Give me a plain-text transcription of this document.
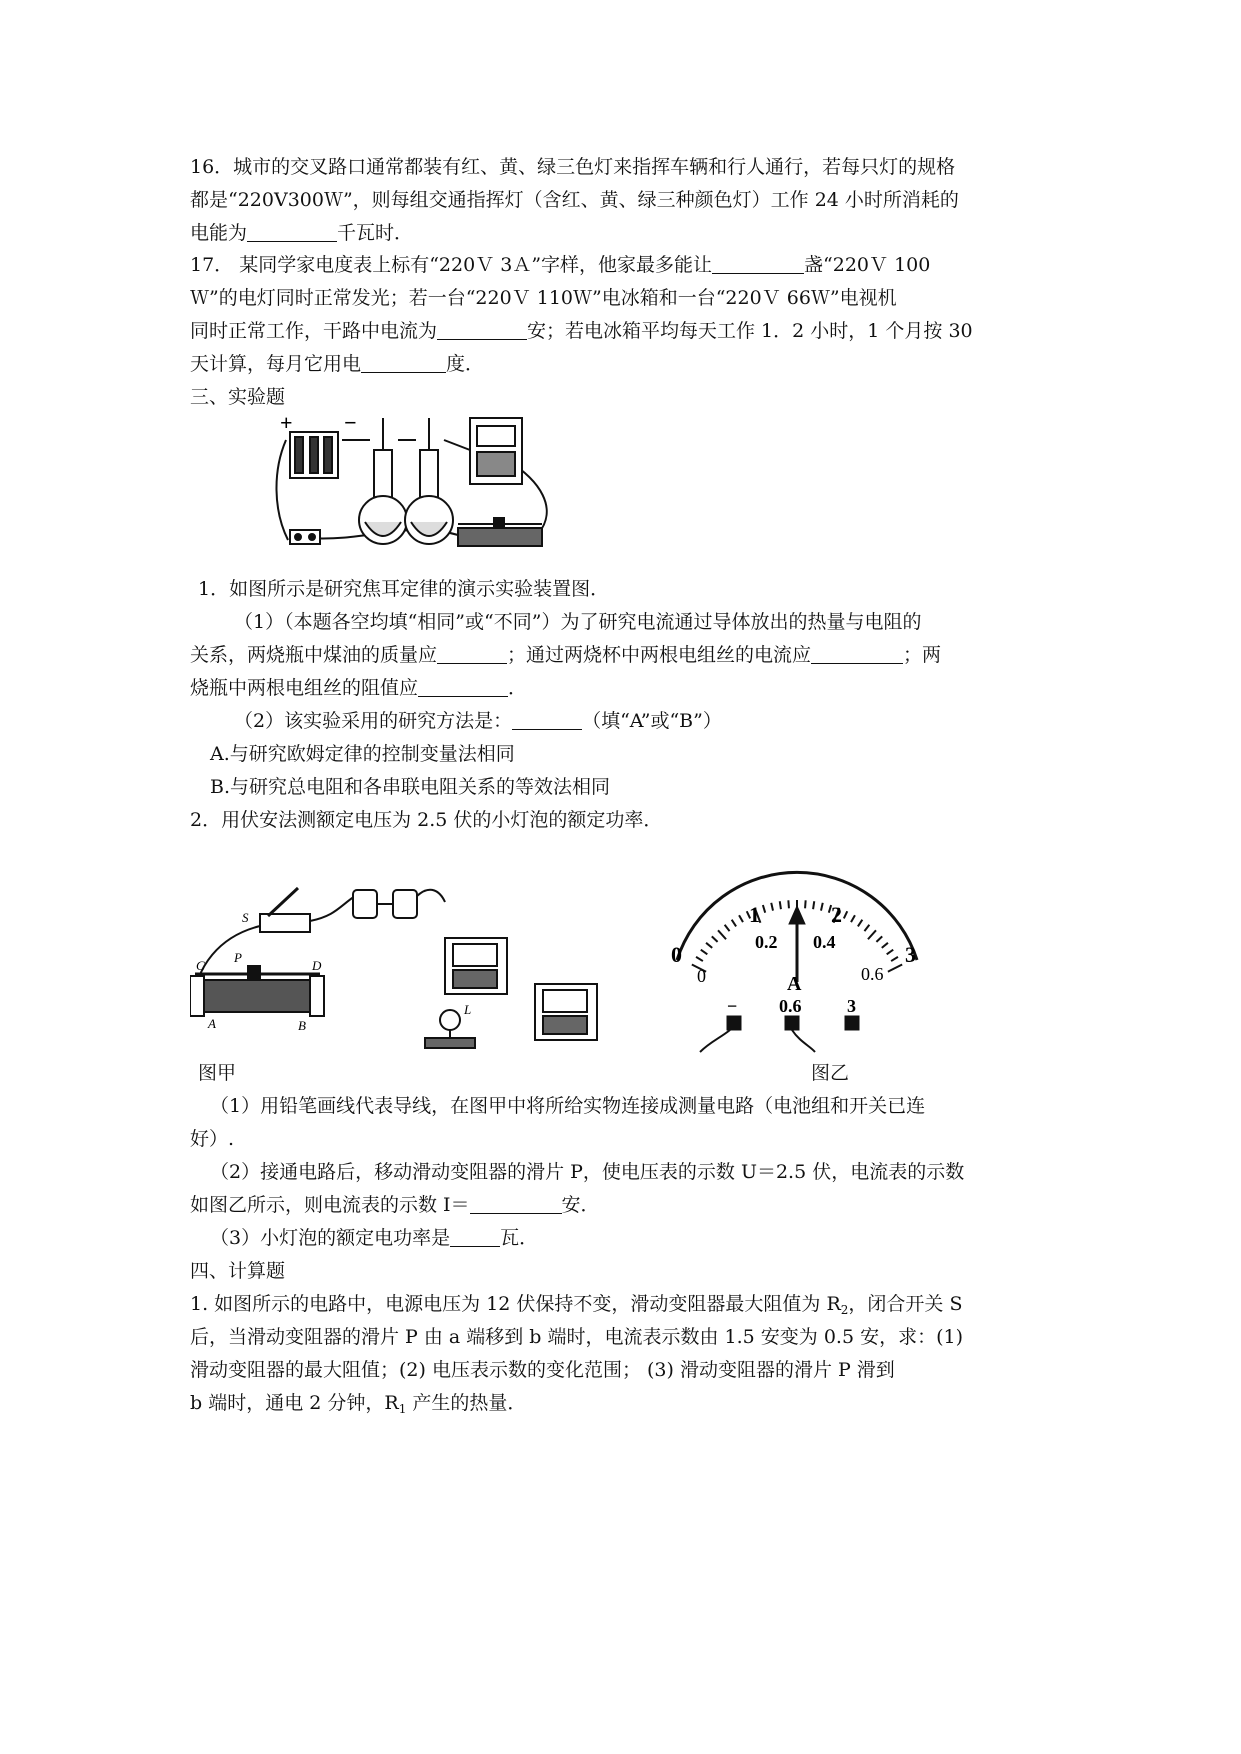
16．城市的交叉路口通常都装有红、黄、绿三色灯来指挥车辆和行人通行，若每只灯的规格
都是“220Ⅴ300Ｗ”，则每组交通指挥灯（含红、黄、绿三种颜色灯）工作 24 小时所消耗的
电能为	千瓦时．
17． 某同学家电度表上标有“220Ｖ 3Ａ”字样，他家最多能让	盏“220Ｖ 100
Ｗ”的电灯同时正常发光；若一台“220Ｖ 110Ｗ”电冰箱和一台“220Ｖ 66Ｗ”电视机
同时正常工作，干路中电流为	安；若电冰箱平均每天工作 1．2 小时，1 个月按 30
天计算，每月它用电	度．
三、实验题
+ −
1．如图所示是研究焦耳定律的演示实验装置图．
（1）（本题各空均填“相同”或“不同”）为了研究电流通过导体放出的热量与电阻的
关系，两烧瓶中煤油的质量应	；通过两烧杯中两根电组丝的电流应	；两
烧瓶中两根电组丝的阻值应	．
（2）该实验采用的研究方法是：	（填“A”或“B”）
A.与研究欧姆定律的控制变量法相同
B.与研究总电阻和各串联电阻关系的等效法相同
2．用伏安法测额定电压为 2.5 伏的小灯泡的额定功率．
S
P
C	D
A	B
L
0
1	2
3
0.2 0.4
0	0.6
A
− 0.6	3
图甲	图乙
（1）用铅笔画线代表导线，在图甲中将所给实物连接成测量电路（电池组和开关已连
好）.
（2）接通电路后，移动滑动变阻器的滑片 P，使电压表的示数 U＝2.5 伏，电流表的示数
如图乙所示，则电流表的示数 I＝	安．
（3）小灯泡的额定电功率是	瓦．
四、计算题
1. 如图所示的电路中，电源电压为 12 伏保持不变，滑动变阻器最大阻值为 $R_2$，闭合开关 S
后，当滑动变阻器的滑片 P 由 a 端移到 b 端时，电流表示数由 1.5 安变为 0.5 安，求：(1)
滑动变阻器的最大阻值；(2) 电压表示数的变化范围； (3) 滑动变阻器的滑片 P 滑到
b 端时，通电 2 分钟，$R_1$ 产生的热量．
